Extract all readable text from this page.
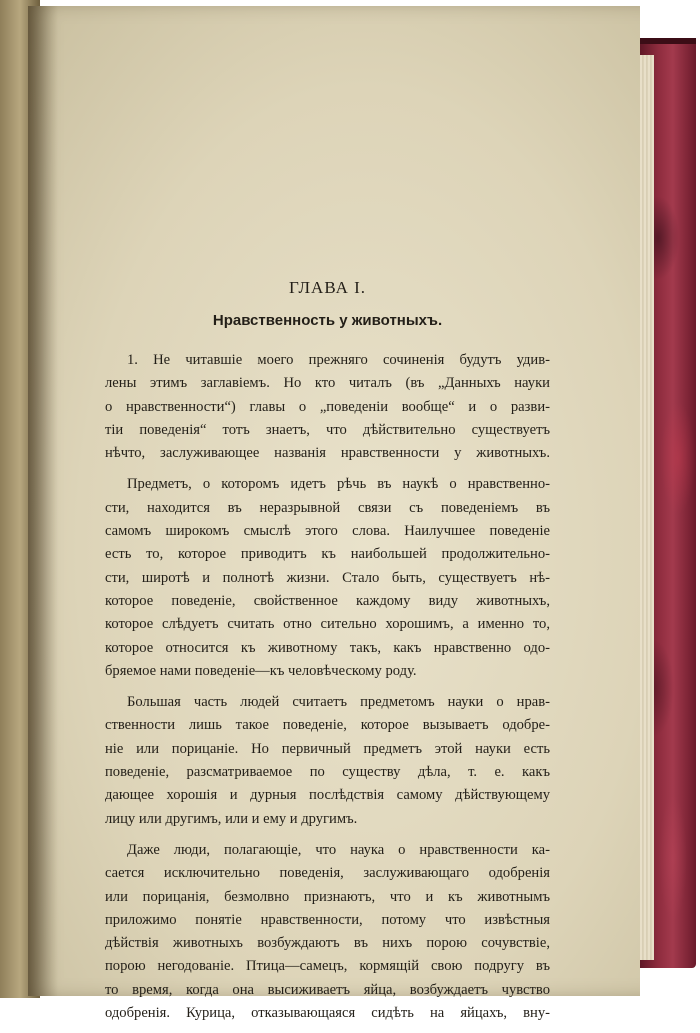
ГЛАВА I.
Нравственность у животныхъ.
1. Не читавшіе моего прежняго сочиненія будутъ удив-
лены этимъ заглавіемъ. Но кто читалъ (въ „Данныхъ науки
о нравственности“) главы о „поведеніи вообще“ и о разви-
тіи поведенія“ тотъ знаетъ, что дѣйствительно существуетъ
нѣчто, заслуживающее названія нравственности у животныхъ.
Предметъ, о которомъ идетъ рѣчь въ наукѣ о нравственно-
сти, находится въ неразрывной связи съ поведеніемъ въ
самомъ широкомъ смыслѣ этого слова. Наилучшее поведеніе
есть то, которое приводитъ къ наибольшей продолжительно-
сти, широтѣ и полнотѣ жизни. Стало быть, существуетъ нѣ-
которое поведеніе, свойственное каждому виду животныхъ,
которое слѣдуетъ считать отно сительно хорошимъ, а именно то,
которое относится къ животному такъ, какъ нравственно одо-
бряемое нами поведеніе—къ человѣческому роду.
Большая часть людей считаетъ предметомъ науки о нрав-
ственности лишь такое поведеніе, которое вызываетъ одобре-
ніе или порицаніе. Но первичный предметъ этой науки есть
поведеніе, разсматриваемое по существу дѣла, т. е. какъ
дающее хорошія и дурныя послѣдствія самому дѣйствующему
лицу или другимъ, или и ему и другимъ.
Даже люди, полагающіе, что наука о нравственности ка-
сается исключительно поведенія, заслуживающаго одобренія
или порицанія, безмолвно признаютъ, что и къ животнымъ
приложимо понятіе нравственности, потому что извѣстныя
дѣйствія животныхъ возбуждаютъ въ нихъ порою сочувствіе,
порою негодованіе. Птица—самецъ, кормящій свою подругу въ
то время, когда она высиживаетъ яйца, возбуждаетъ чувство
одобренія. Курица, отказывающаяся сидѣть на яйцахъ, вну-
